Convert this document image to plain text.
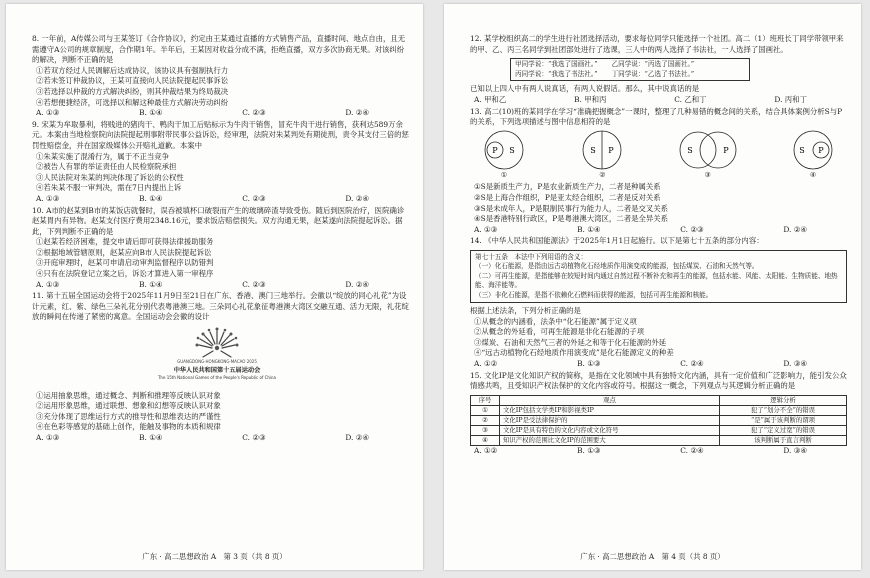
8. 一年前，A传媒公司与王某签订《合作协议》，约定由王某通过直播的方式销售产品，直播时间、地点自由，且无需遵守A公司的规章制度，合作期1年。半年后，王某因对收益分成不满，拒绝直播，双方多次协商无果。对该纠纷的解决，判断不正确的是
①若双方经过人民调解后达成协议，该协议具有强制执行力
②若未签订仲裁协议，王某可直接向人民法院提起民事诉讼
③若选择以仲裁的方式解决纠纷，则其仲裁结果为终局裁决
④若想便捷经济，可选择以和解这种最佳方式解决劳动纠纷
A. ①③	B. ①④	C. ②③	D. ②④
9. 宋某为牟取暴利，将贱进的猪肉干、鸭肉干加工后贴标示为牛肉干销售，冒充牛肉干进行销售，获利达589万余元。本案由当地检察院向法院提起刑事附带民事公益诉讼，经审理，法院对朱某判处有期徒刑，责令其支付三倍的惩罚性赔偿金，并在国家级媒体公开赔礼道歉。本案中
①朱某实施了混淆行为，属于不正当竞争
②被告人有罪的举证责任由人民检察院承担
③人民法院对朱某的判决体现了诉讼的公权性
④若朱某不服一审判决，需在7日内提出上诉
A. ①③	B. ①④	C. ②③	D. ②④
10. A市的赵某到B市的某饭店就餐时，误吞被填杯口破裂而产生的玻璃碎渣导致受伤。随后到医院治疗，医院确诊赵某胃内有异物。赵某支付医疗费用2348.16元，要求饭店赔偿损失。双方沟通无果，赵某遂向法院提起诉讼。据此，下列判断不正确的是
①赵某若经济困难，提交申请后即可获得法律援助服务
②根据地域管辖原则，赵某应向B市人民法院提起诉讼
③开庭审理时，赵某可申请启动审判监督程序以防错判
④只有在法院登记立案之后，诉讼才算进入第一审程序
A. ①③	B. ①④	C. ②③	D. ②④
11. 第十五届全国运动会将于2025年11月9日至21日在广东、香港、澳门三地举行。会徽以“绽放的同心礼花”为设计元素，红、紫、绿色三朵礼花分别代表粤港澳三地。三朵同心礼花象征粤港澳大湾区交融互通、活力无限，礼花绽放的瞬间在传递了紧密的寓意。全国运动会会徽的设计
GUANGDONG·HONGKONG·MACAO 2025
中华人民共和国第十五届运动会
The 15th National Games of the People's Republic of China
①运用抽象思维，通过概念、判断和推理等反映认识对象
②运用形象思维，通过联想、想象和幻想等反映认识对象
③充分体现了思维运行方式的推导性和思维表达的严谨性
④在色彩等感觉的基础上创作，能触及事物的本质和规律
A. ①③	B. ①④	C. ②③	D. ②④
广东 · 高二思想政治 A　第 3 页（共 8 页）
12. 某学校组织高二的学生进行社团选择活动，要求每位同学只能选择一个社团。高二（1）班班长丁同学带领甲来的甲、乙、丙三名同学到社团部处进行了选课，三人中的两人选择了书法社，一人选择了国画社。
甲同学说：“我选了国画社。” 乙同学说：“丙选了国画社。”
丙同学说：“我选了书法社。” 丁同学说：“乙选了书法社。”
已知以上四人中有两人说真话，有两人说假话。那么，其中说真话的是
A. 甲和乙	B. 甲和丙	C. 乙和丁	D. 丙和丁
13. 高二(10)班的某同学在学习“准确把握概念”一课时，整理了几种易错的概念间的关系，结合具体案例分析S与P的关系，下列选项描述与图中信息相符的是
P S
①
S P
②
S	P
③
S P
④
①S是新质生产力，P是农业新质生产力，二者是种属关系
②S是上海合作组织，P是亚太经合组织，二者是反对关系
③S是未成年人，P是限制民事行为能力人，二者是交叉关系
④S是香港特别行政区，P是粤港澳大湾区，二者是全异关系
A. ①③	B. ①④	C. ②③	D. ②④
14. 《中华人民共和国能源法》于2025年1月1日起施行。以下是第七十五条的部分内容：
第七十五条　本法中下列用语的含义：
（一）化石能源，是指由远古动植物化石经地质作用演变成的能源，包括煤炭、石油和天然气等。
（二）可再生能源，是指能够在较短时间内通过自然过程不断补充和再生的能源，包括水能、风能、太阳能、生物质能、地热能、海洋能等。
（三）非化石能源，是指不依赖化石燃料而获得的能源，包括可再生能源和核能。
根据上述法条，下列分析正确的是
①从概念的内涵看，法条中“化石能源”属于定义项
②从概念的外延看，可再生能源是非化石能源的子项
③煤炭、石油和天然气三者的外延之和等于化石能源的外延
④“远古动植物化石经地质作用演变成”是化石能源定义的种差
A. ①②	B. ①③	C. ②④	D. ③④
15. 文化IP是文化知识产权的简称，是指在文化领域中具有独特文化内涵，具有一定价值和广泛影响力，能引发公众情感共鸣，且受知识产权法保护的文化内容或符号。根据这一概念，下列观点与其逻辑分析正确的是
序号	观点	逻辑分析
①	文化IP包括文学类IP和影视类IP	犯了“划分不全”的错误
②	文化IP是受法律保护的	“是”属于该判断的谓项
③	文化IP是具有特色的文化内容或文化符号	犯了“定义过宽”的错误
④	知识产权的范围比文化IP的范围要大	该判断属于直言判断
A. ①②	B. ①③	C. ②④	D. ③④
广东 · 高二思想政治 A　第 4 页（共 8 页）
